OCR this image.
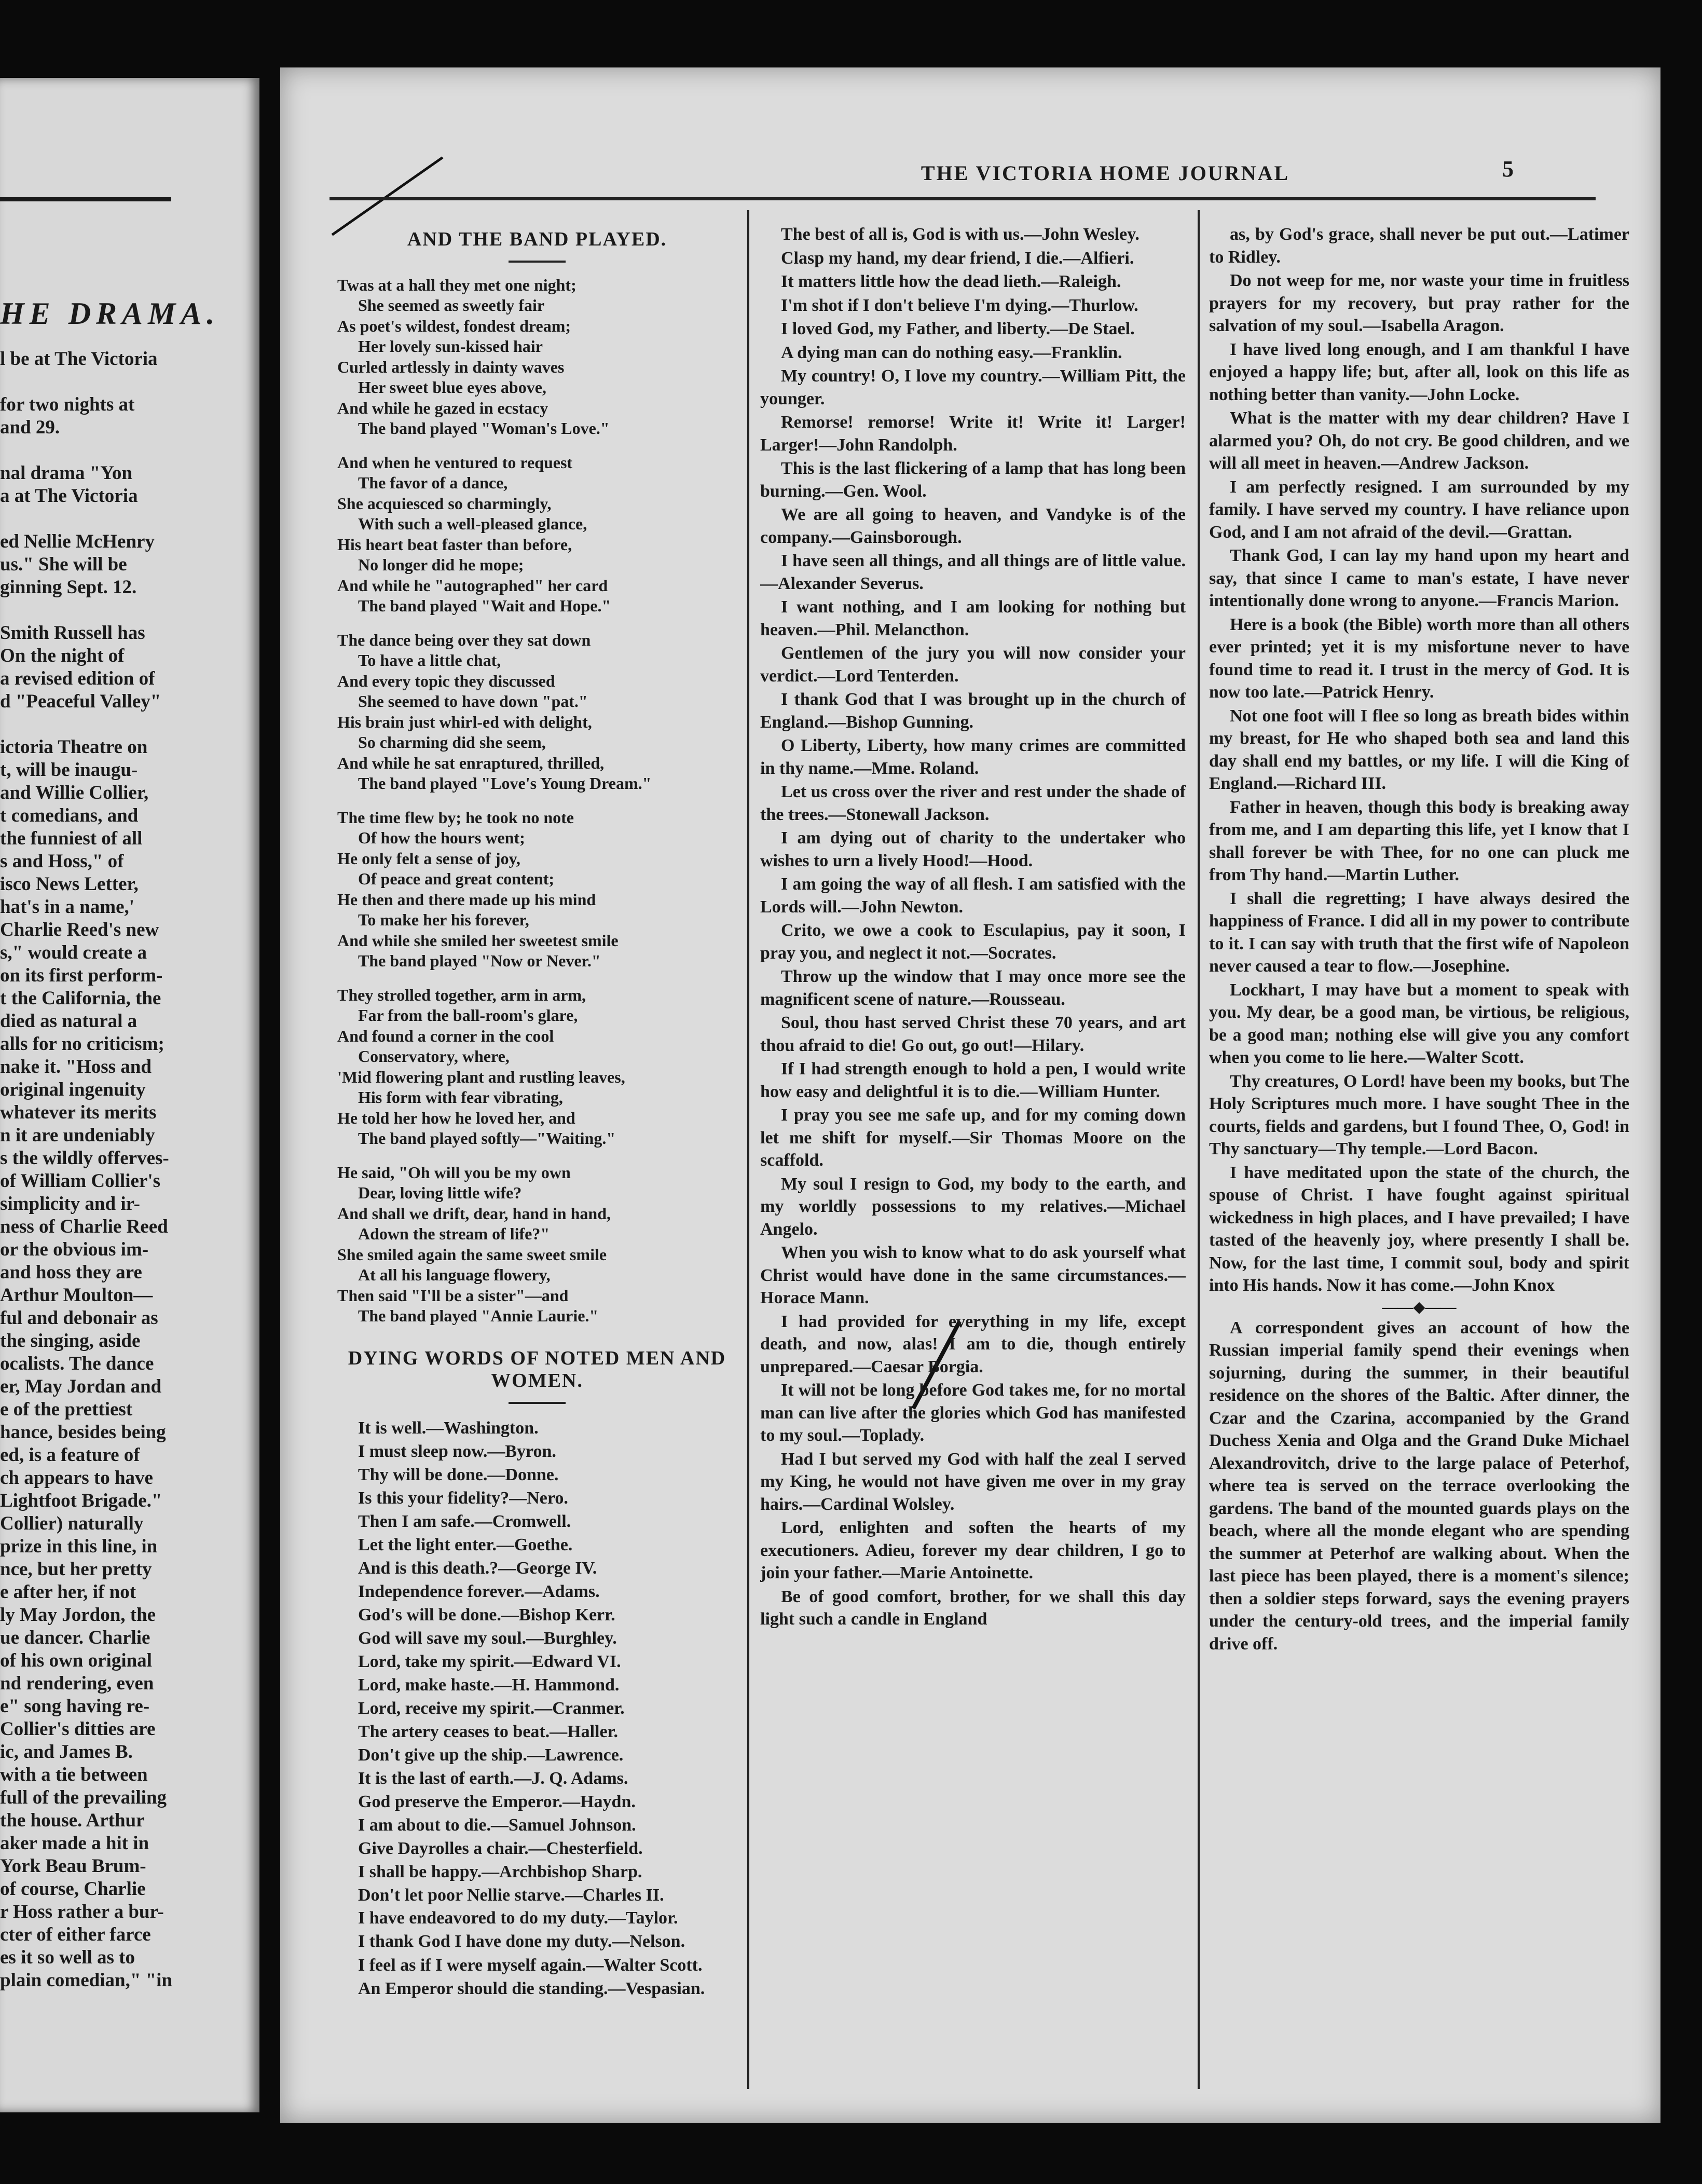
HE DRAMA.
l be at The Victoria

for two nights at
and 29.

nal drama "Yon
a at The Victoria

ed Nellie McHenry
us." She will be
ginning Sept. 12.

Smith Russell has
On the night of
a revised edition of
d "Peaceful Valley"

ictoria Theatre on
t, will be inaugu-
and Willie Collier,
t comedians, and
the funniest of all
s and Hoss," of
isco News Letter,
hat's in a name,'
Charlie Reed's new
s," would create a
on its first perform-
t the California, the
died as natural a
alls for no criticism;
nake it. "Hoss and
original ingenuity
whatever its merits
n it are undeniably
s the wildly offerves-
of William Collier's
simplicity and ir-
ness of Charlie Reed
or the obvious im-
and hoss they are
Arthur Moulton—
ful and debonair as
the singing, aside
ocalists. The dance
er, May Jordan and
e of the prettiest
hance, besides being
ed, is a feature of
ch appears to have
Lightfoot Brigade."
Collier) naturally
prize in this line, in
nce, but her pretty
e after her, if not
ly May Jordon, the
ue dancer. Charlie
of his own original
nd rendering, even
e" song having re-
Collier's ditties are
ic, and James B.
with a tie between
full of the prevailing
the house. Arthur
aker made a hit in
York Beau Brum-
of course, Charlie
r Hoss rather a bur-
cter of either farce
es it so well as to
plain comedian," "in
THE VICTORIA HOME JOURNAL	5
AND THE BAND PLAYED.
Twas at a hall they met one night;
She seemed as sweetly fair
As poet's wildest, fondest dream;
Her lovely sun-kissed hair
Curled artlessly in dainty waves
Her sweet blue eyes above,
And while he gazed in ecstacy
The band played "Woman's Love."
And when he ventured to request
The favor of a dance,
She acquiesced so charmingly,
With such a well-pleased glance,
His heart beat faster than before,
No longer did he mope;
And while he "autographed" her card
The band played "Wait and Hope."
The dance being over they sat down
To have a little chat,
And every topic they discussed
She seemed to have down "pat."
His brain just whirl-ed with delight,
So charming did she seem,
And while he sat enraptured, thrilled,
The band played "Love's Young Dream."
The time flew by; he took no note
Of how the hours went;
He only felt a sense of joy,
Of peace and great content;
He then and there made up his mind
To make her his forever,
And while she smiled her sweetest smile
The band played "Now or Never."
They strolled together, arm in arm,
Far from the ball-room's glare,
And found a corner in the cool
Conservatory, where,
'Mid flowering plant and rustling leaves,
His form with fear vibrating,
He told her how he loved her, and
The band played softly—"Waiting."
He said, "Oh will you be my own
Dear, loving little wife?
And shall we drift, dear, hand in hand,
Adown the stream of life?"
She smiled again the same sweet smile
At all his language flowery,
Then said "I'll be a sister"—and
The band played "Annie Laurie."
DYING WORDS OF NOTED MEN AND WOMEN.
It is well.—Washington.
I must sleep now.—Byron.
Thy will be done.—Donne.
Is this your fidelity?—Nero.
Then I am safe.—Cromwell.
Let the light enter.—Goethe.
And is this death.?—George IV.
Independence forever.—Adams.
God's will be done.—Bishop Kerr.
God will save my soul.—Burghley.
Lord, take my spirit.—Edward VI.
Lord, make haste.—H. Hammond.
Lord, receive my spirit.—Cranmer.
The artery ceases to beat.—Haller.
Don't give up the ship.—Lawrence.
It is the last of earth.—J. Q. Adams.
God preserve the Emperor.—Haydn.
I am about to die.—Samuel Johnson.
Give Dayrolles a chair.—Chesterfield.
I shall be happy.—Archbishop Sharp.
Don't let poor Nellie starve.—Charles II.

I have endeavored to do my duty.—Taylor.

I thank God I have done my duty.—Nelson.

I feel as if I were myself again.—Walter Scott.

An Emperor should die standing.—Vespasian.

The best of all is, God is with us.—John Wesley.

Clasp my hand, my dear friend, I die.—Alfieri.

It matters little how the dead lieth.—Raleigh.

I'm shot if I don't believe I'm dying.—Thurlow.

I loved God, my Father, and liberty.—De Stael.

A dying man can do nothing easy.—Franklin.

My country! O, I love my country.—William Pitt, the younger.

Remorse! remorse! Write it! Write it! Larger! Larger!—John Randolph.

This is the last flickering of a lamp that has long been burning.—Gen. Wool.

We are all going to heaven, and Vandyke is of the company.—Gainsborough.

I have seen all things, and all things are of little value.—Alexander Severus.

I want nothing, and I am looking for nothing but heaven.—Phil. Melancthon.

Gentlemen of the jury you will now consider your verdict.—Lord Tenterden.

I thank God that I was brought up in the church of England.—Bishop Gunning.

O Liberty, Liberty, how many crimes are committed in thy name.—Mme. Roland.

Let us cross over the river and rest under the shade of the trees.—Stonewall Jackson.

I am dying out of charity to the undertaker who wishes to urn a lively Hood!—Hood.

I am going the way of all flesh. I am satisfied with the Lords will.—John Newton.

Crito, we owe a cook to Esculapius, pay it soon, I pray you, and neglect it not.—Socrates.

Throw up the window that I may once more see the magnificent scene of nature.—Rousseau.

Soul, thou hast served Christ these 70 years, and art thou afraid to die! Go out, go out!—Hilary.

If I had strength enough to hold a pen, I would write how easy and delightful it is to die.—William Hunter.

I pray you see me safe up, and for my coming down let me shift for myself.—Sir Thomas Moore on the scaffold.

My soul I resign to God, my body to the earth, and my worldly possessions to my relatives.—Michael Angelo.

When you wish to know what to do ask yourself what Christ would have done in the same circumstances.—Horace Mann.

I had provided for everything in my life, except death, and now, alas! I am to die, though entirely unprepared.—Caesar Borgia.

It will not be long before God takes me, for no mortal man can live after the glories which God has manifested to my soul.—Toplady.

Had I but served my God with half the zeal I served my King, he would not have given me over in my gray hairs.—Cardinal Wolsley.

Lord, enlighten and soften the hearts of my executioners. Adieu, forever my dear children, I go to join your father.—Marie Antoinette.

Be of good comfort, brother, for we shall this day light such a candle in England

as, by God's grace, shall never be put out.—Latimer to Ridley.

Do not weep for me, nor waste your time in fruitless prayers for my recovery, but pray rather for the salvation of my soul.—Isabella Aragon.

I have lived long enough, and I am thankful I have enjoyed a happy life; but, after all, look on this life as nothing better than vanity.—John Locke.

What is the matter with my dear children? Have I alarmed you? Oh, do not cry. Be good children, and we will all meet in heaven.—Andrew Jackson.

I am perfectly resigned. I am surrounded by my family. I have served my country. I have reliance upon God, and I am not afraid of the devil.—Grattan.

Thank God, I can lay my hand upon my heart and say, that since I came to man's estate, I have never intentionally done wrong to anyone.—Francis Marion.

Here is a book (the Bible) worth more than all others ever printed; yet it is my misfortune never to have found time to read it. I trust in the mercy of God. It is now too late.—Patrick Henry.

Not one foot will I flee so long as breath bides within my breast, for He who shaped both sea and land this day shall end my battles, or my life. I will die King of England.—Richard III.

Father in heaven, though this body is breaking away from me, and I am departing this life, yet I know that I shall forever be with Thee, for no one can pluck me from Thy hand.—Martin Luther.

I shall die regretting; I have always desired the happiness of France. I did all in my power to contribute to it. I can say with truth that the first wife of Napoleon never caused a tear to flow.—Josephine.

Lockhart, I may have but a moment to speak with you. My dear, be a good man, be virtious, be religious, be a good man; nothing else will give you any comfort when you come to lie here.—Walter Scott.

Thy creatures, O Lord! have been my books, but The Holy Scriptures much more. I have sought Thee in the courts, fields and gardens, but I found Thee, O, God! in Thy sanctuary—Thy temple.—Lord Bacon.

I have meditated upon the state of the church, the spouse of Christ. I have fought against spiritual wickedness in high places, and I have prevailed; I have tasted of the heavenly joy, where presently I shall be. Now, for the last time, I commit soul, body and spirit into His hands. Now it has come.—John Knox

——◆——

A correspondent gives an account of how the Russian imperial family spend their evenings when sojurning, during the summer, in their beautiful residence on the shores of the Baltic. After dinner, the Czar and the Czarina, accompanied by the Grand Duchess Xenia and Olga and the Grand Duke Michael Alexandrovitch, drive to the large palace of Peterhof, where tea is served on the terrace overlooking the gardens. The band of the mounted guards plays on the beach, where all the monde elegant who are spending the summer at Peterhof are walking about. When the last piece has been played, there is a moment's silence; then a soldier steps forward, says the evening prayers under the century-old trees, and the imperial family drive off.
